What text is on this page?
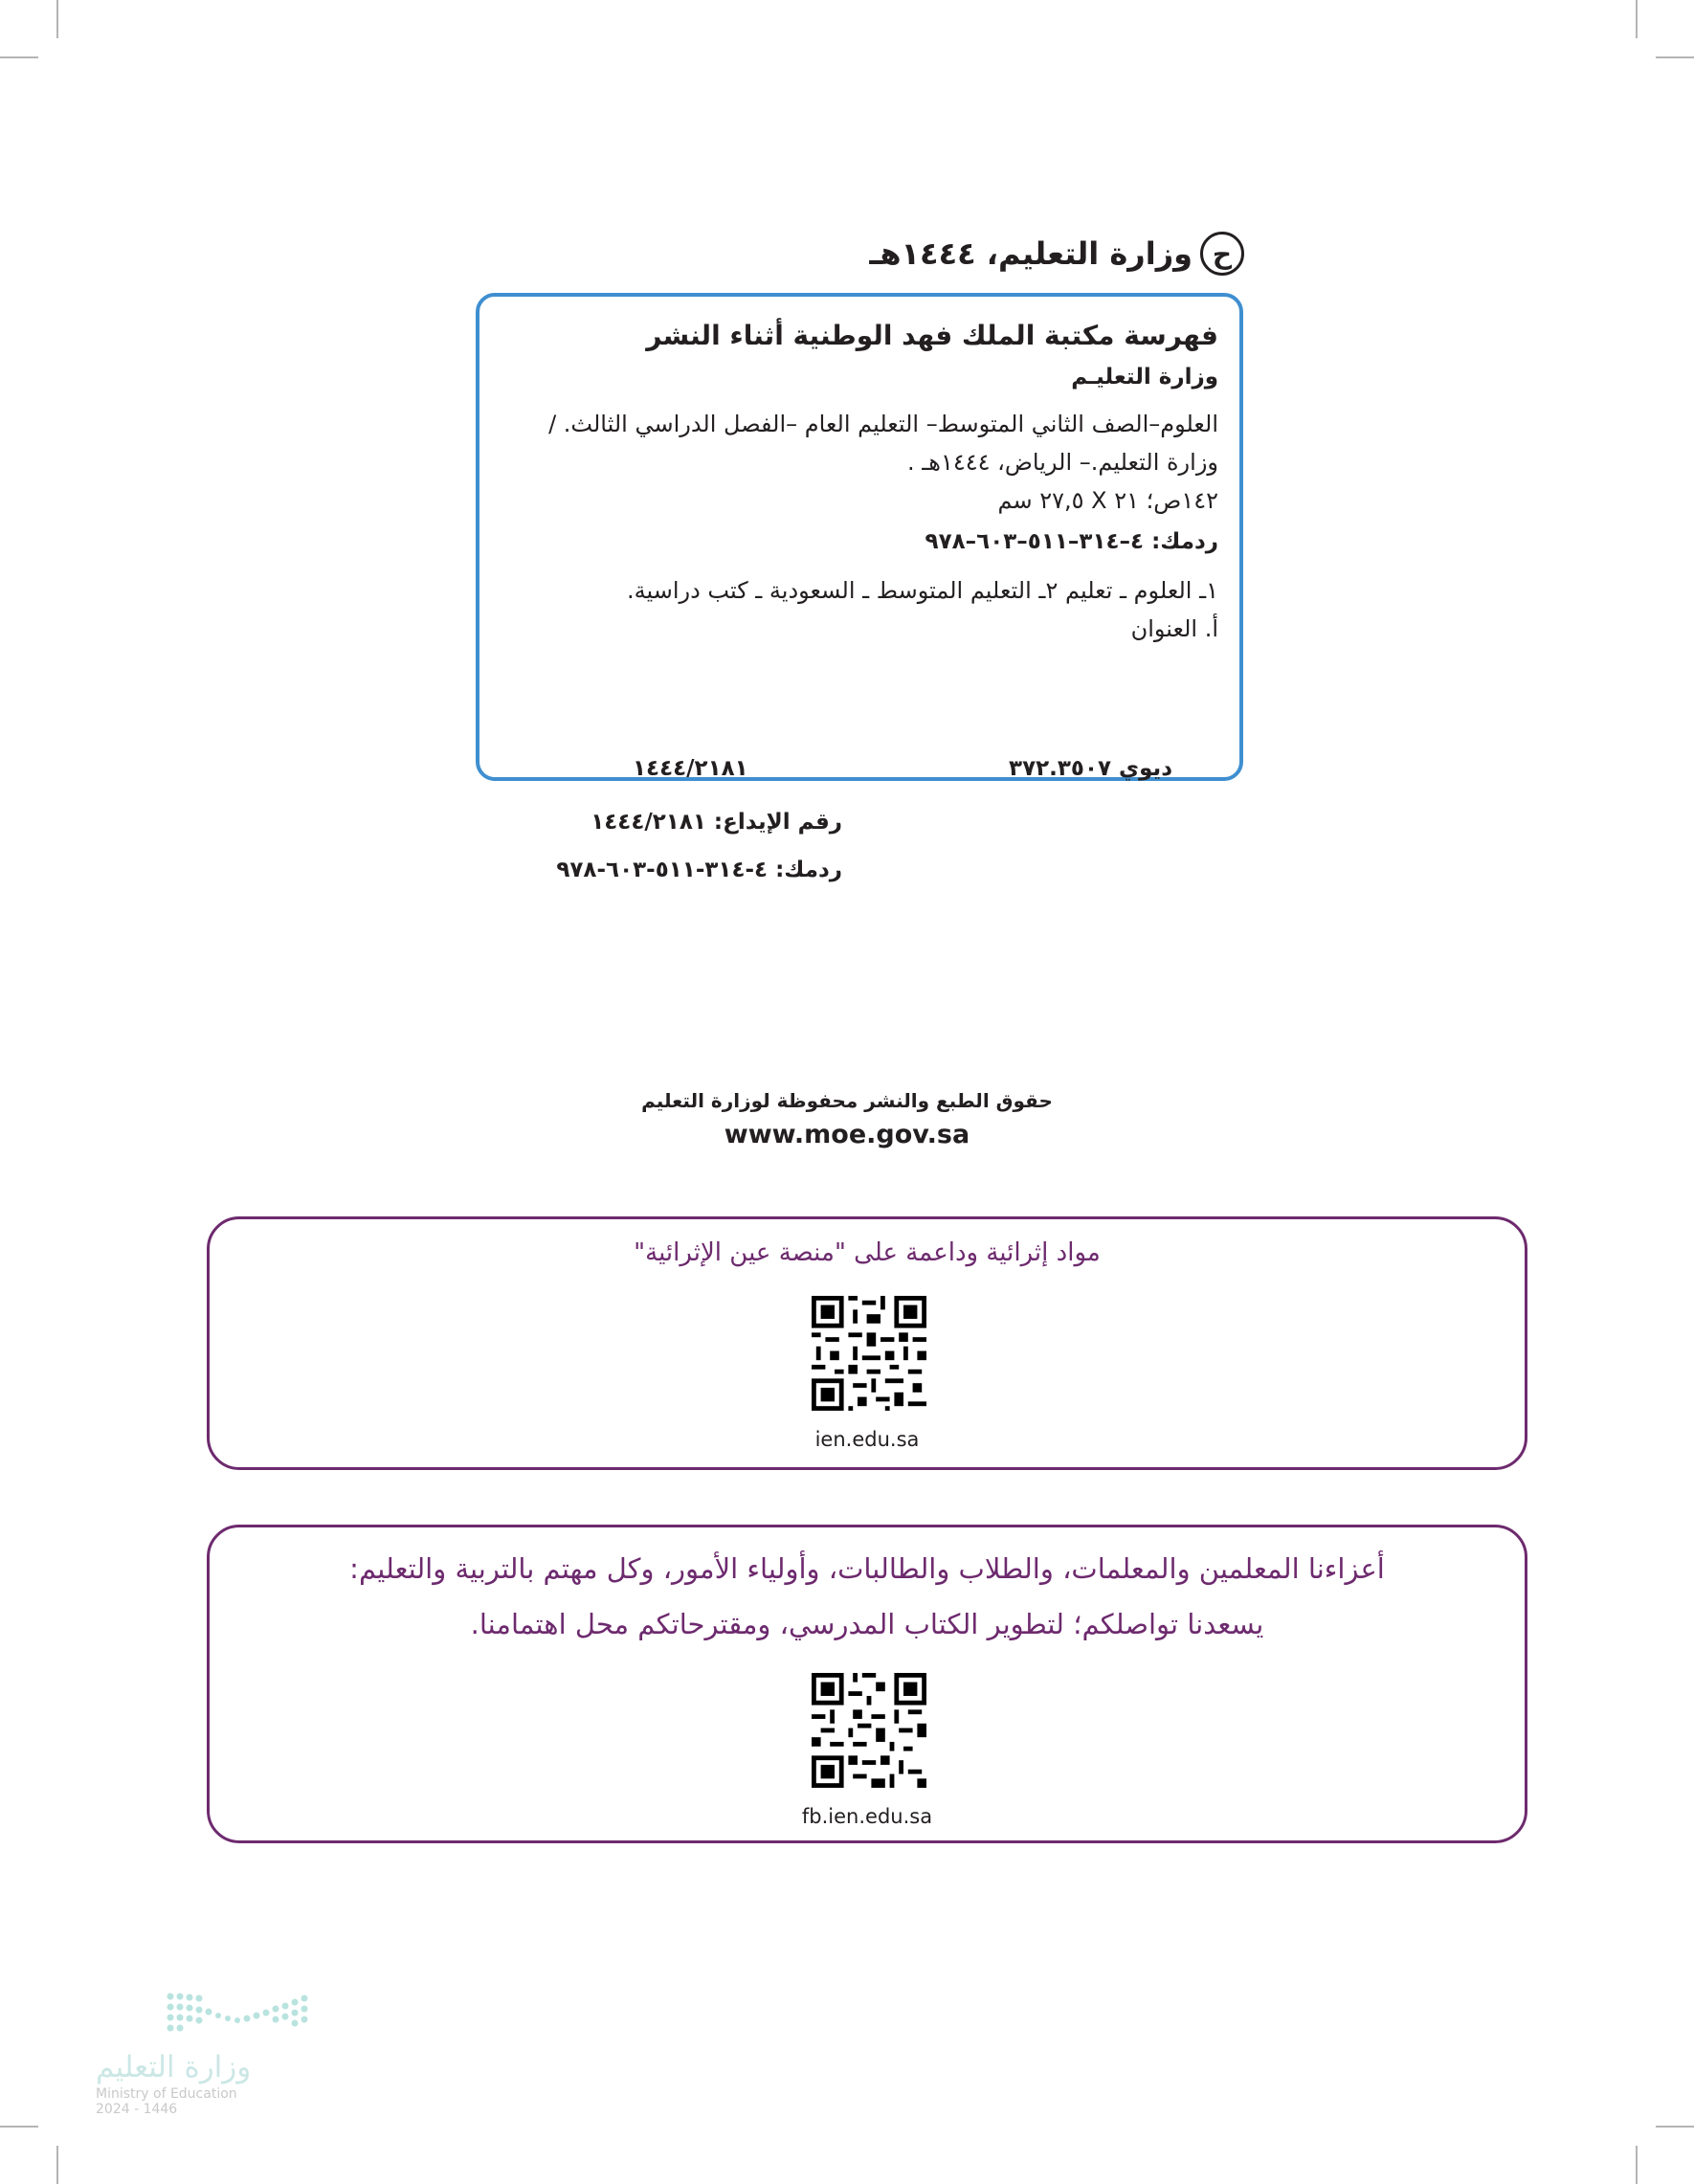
ح
وزارة التعليم، ١٤٤٤هـ
فهرسة مكتبة الملك فهد الوطنية أثناء النشر
وزارة التعليـم
العلوم–الصف الثاني المتوسط– التعليم العام –الفصل الدراسي الثالث. /
وزارة التعليم.– الرياض، ١٤٤٤هـ .
١٤٢ص؛ ٢١ X ٢٧,٥ سم
ردمك: ٤–٣١٤–٥١١–٦٠٣–٩٧٨
١ـ العلوم ـ تعليم ٢ـ التعليم المتوسط ـ السعودية ـ كتب دراسية.
أ. العنوان
ديوي ٣٧٢.٣٥٠٧
١٤٤٤/٢١٨١
رقم الإيداع: ١٤٤٤/٢١٨١
ردمك: ٤-٣١٤-٥١١-٦٠٣-٩٧٨
حقوق الطبع والنشر محفوظة لوزارة التعليم
www.moe.gov.sa
مواد إثرائية وداعمة على "منصة عين الإثرائية"
ien.edu.sa
أعزاءنا المعلمين والمعلمات، والطلاب والطالبات، وأولياء الأمور، وكل مهتم بالتربية والتعليم:
يسعدنا تواصلكم؛ لتطوير الكتاب المدرسي، ومقترحاتكم محل اهتمامنا.
fb.ien.edu.sa
وزارة التعليم
Ministry of Education
2024 - 1446
